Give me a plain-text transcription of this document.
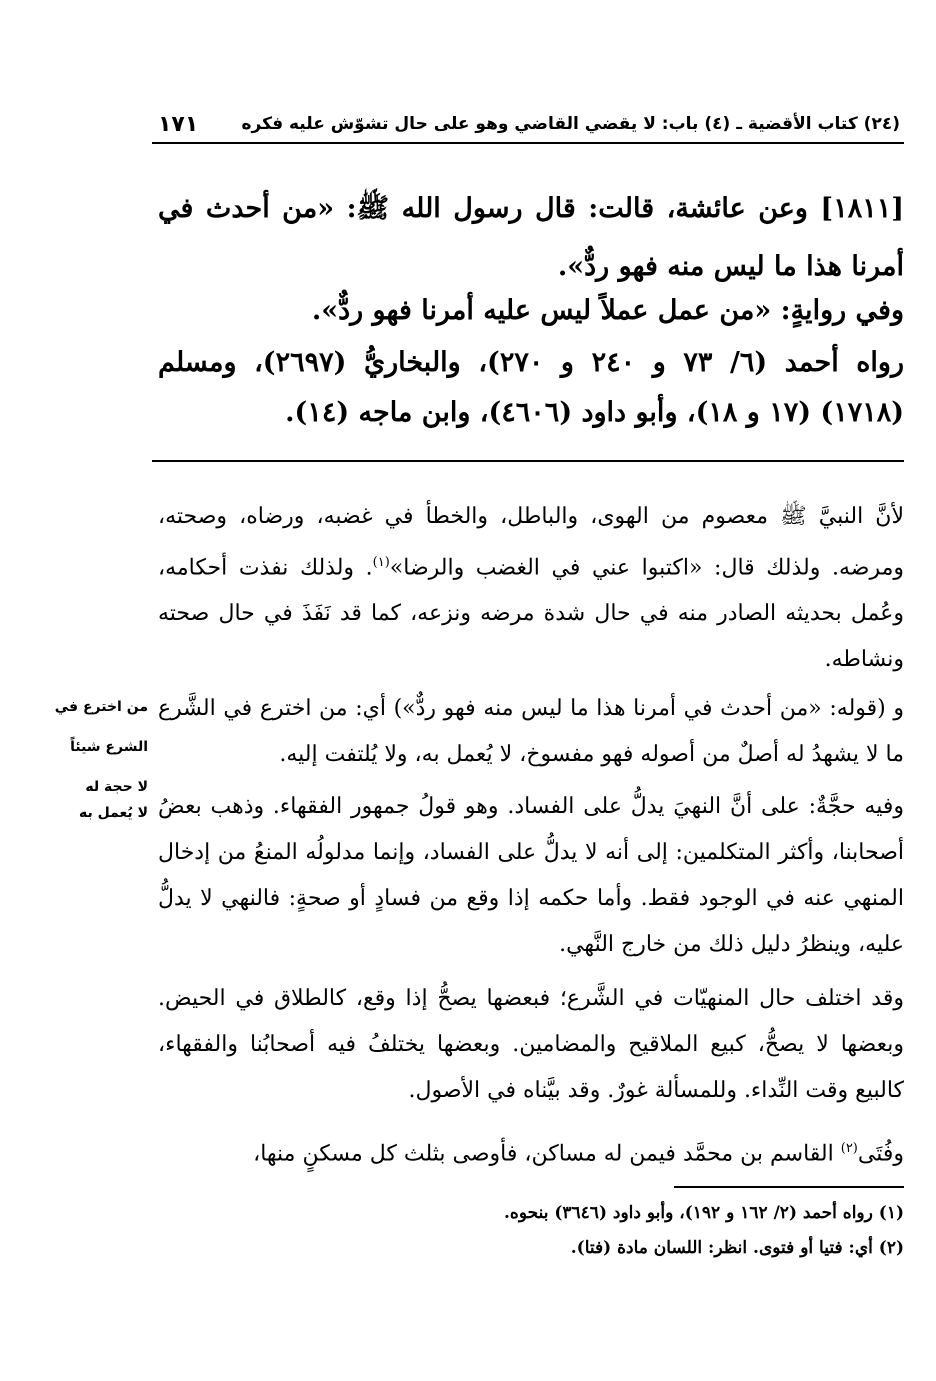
١٧١	(٢٤) كتاب الأقضية ـ (٤) باب: لا يقضي القاضي وهو على حال تشوّش عليه فكره
[١٨١١] وعن عائشة، قالت: قال رسول الله ﷺ: «من أحدث في أمرنا هذا ما ليس منه فهو ردٌّ».
وفي روايةٍ: «من عمل عملاً ليس عليه أمرنا فهو ردٌّ».
رواه أحمد (٦/ ٧٣ و ٢٤٠ و ٢٧٠)، والبخاريُّ (٢٦٩٧)، ومسلم (١٧١٨) (١٧ و ١٨)، وأبو داود (٤٦٠٦)، وابن ماجه (١٤).
لأنَّ النبيَّ ﷺ معصوم من الهوى، والباطل، والخطأ في غضبه، ورضاه، وصحته، ومرضه. ولذلك قال: «اكتبوا عني في الغضب والرضا»$^{(١)}$. ولذلك نفذت أحكامه، وعُمل بحديثه الصادر منه في حال شدة مرضه ونزعه، كما قد نَفَذَ في حال صحته ونشاطه.
و (قوله: «من أحدث في أمرنا هذا ما ليس منه فهو ردٌّ») أي: من اخترع في الشَّرع ما لا يشهدُ له أصلٌ من أصوله فهو مفسوخ، لا يُعمل به، ولا يُلتفت إليه.
وفيه حجَّةٌ: على أنَّ النهيَ يدلُّ على الفساد. وهو قولُ جمهور الفقهاء. وذهب بعضُ أصحابنا، وأكثر المتكلمين: إلى أنه لا يدلُّ على الفساد، وإنما مدلولُه المنعُ من إدخال المنهي عنه في الوجود فقط. وأما حكمه إذا وقع من فسادٍ أو صحةٍ: فالنهي لا يدلُّ عليه، وينظرُ دليل ذلك من خارج النَّهي.
وقد اختلف حال المنهيّات في الشَّرع؛ فبعضها يصحُّ إذا وقع، كالطلاق في الحيض. وبعضها لا يصحُّ، كبيع الملاقيح والمضامين. وبعضها يختلفُ فيه أصحابُنا والفقهاء، كالبيع وقت النِّداء. وللمسألة غورٌ. وقد بيَّناه في الأصول.
وفُتَى$^{(٢)}$ القاسم بن محمَّد فيمن له مساكن، فأوصى بثلث كل مسكنٍ منها،
من اخترع في
الشرع شيئاً
لا حجة له
لا يُعمل به
(١) رواه أحمد (٢/ ١٦٢ و ١٩٢)، وأبو داود (٣٦٤٦) بنحوه.
(٢) أي: فتيا أو فتوى. انظر: اللسان مادة (فتا).
